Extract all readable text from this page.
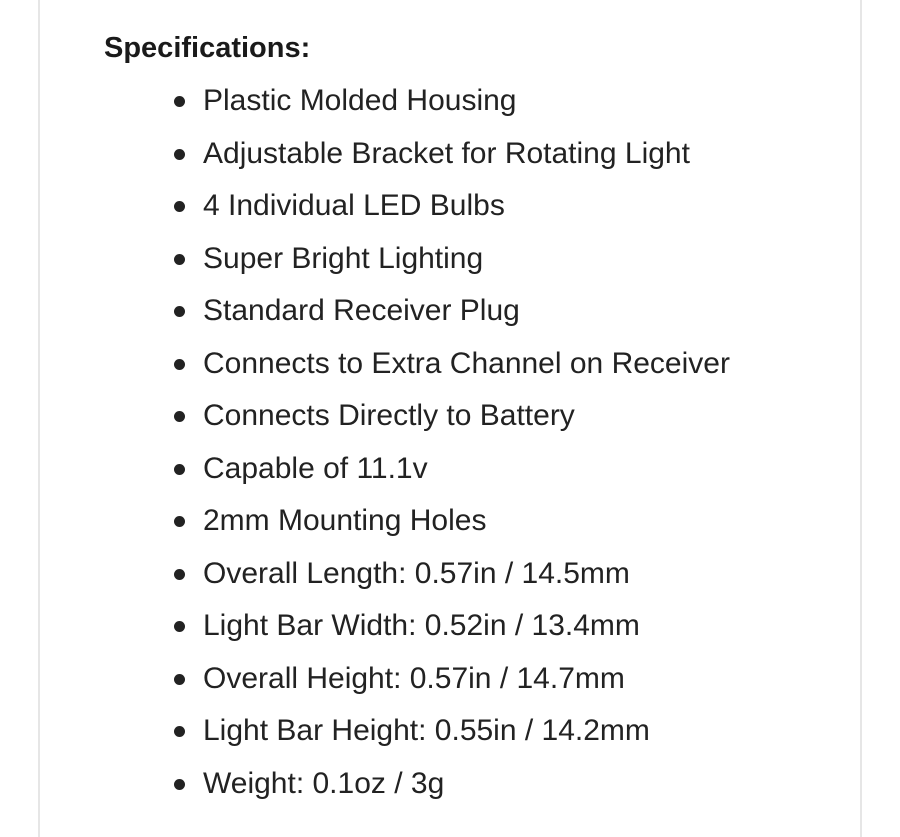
Specifications:
Plastic Molded Housing
Adjustable Bracket for Rotating Light
4 Individual LED Bulbs
Super Bright Lighting
Standard Receiver Plug
Connects to Extra Channel on Receiver
Connects Directly to Battery
Capable of 11.1v
2mm Mounting Holes
Overall Length: 0.57in / 14.5mm
Light Bar Width: 0.52in / 13.4mm
Overall Height: 0.57in / 14.7mm
Light Bar Height: 0.55in / 14.2mm
Weight: 0.1oz / 3g
